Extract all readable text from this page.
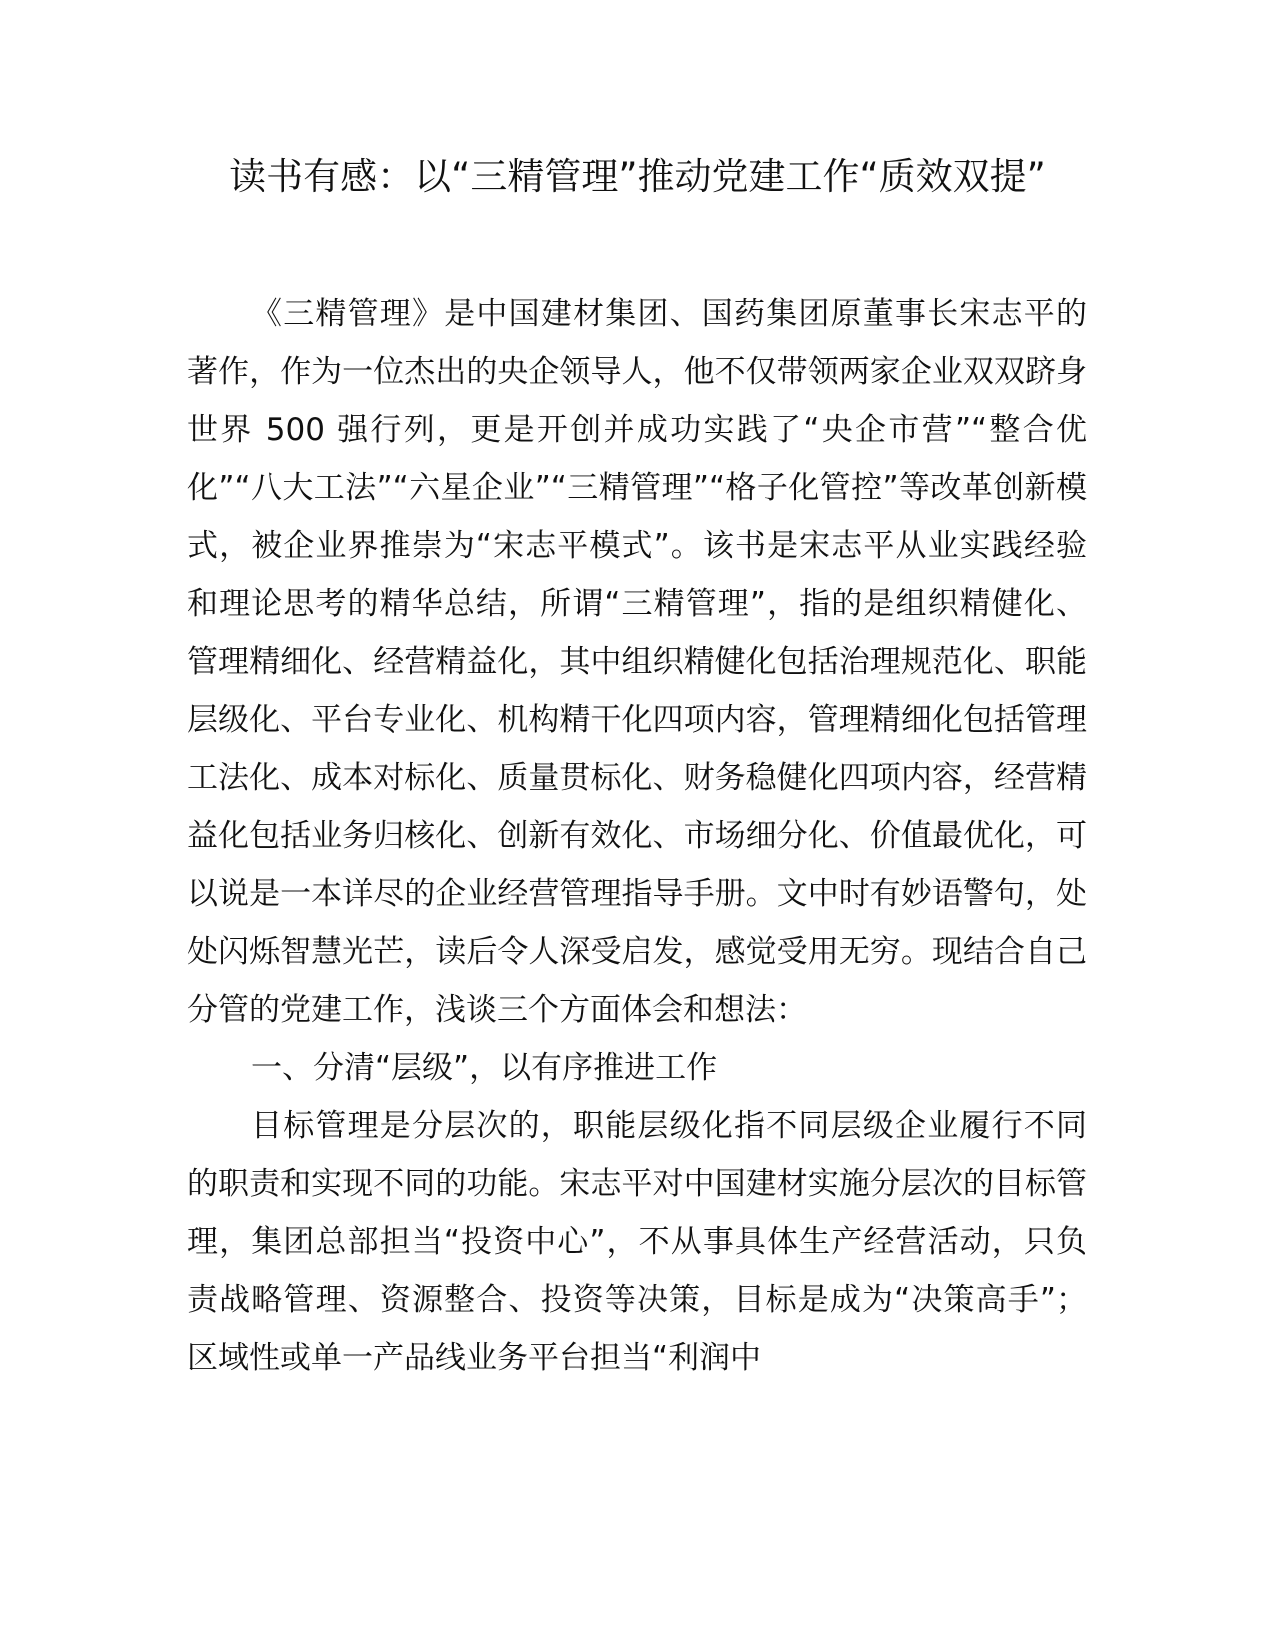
读书有感：以“三精管理”推动党建工作“质效双提”

《三精管理》是中国建材集团、国药集团原董事长宋志平的著作，作为一位杰出的央企领导人，他不仅带领两家企业双双跻身世界 500 强行列，更是开创并成功实践了“央企市营”“整合优化”“八大工法”“六星企业”“三精管理”“格子化管控”等改革创新模式，被企业界推崇为“宋志平模式”。该书是宋志平从业实践经验和理论思考的精华总结，所谓“三精管理”，指的是组织精健化、管理精细化、经营精益化，其中组织精健化包括治理规范化、职能层级化、平台专业化、机构精干化四项内容，管理精细化包括管理工法化、成本对标化、质量贯标化、财务稳健化四项内容，经营精益化包括业务归核化、创新有效化、市场细分化、价值最优化，可以说是一本详尽的企业经营管理指导手册。文中时有妙语警句，处处闪烁智慧光芒，读后令人深受启发，感觉受用无穷。现结合自己分管的党建工作，浅谈三个方面体会和想法：

一、分清“层级”，以有序推进工作

目标管理是分层次的，职能层级化指不同层级企业履行不同的职责和实现不同的功能。宋志平对中国建材实施分层次的目标管理，集团总部担当“投资中心”，不从事具体生产经营活动，只负责战略管理、资源整合、投资等决策，目标是成为“决策高手”；区域性或单一产品线业务平台担当“利润中
